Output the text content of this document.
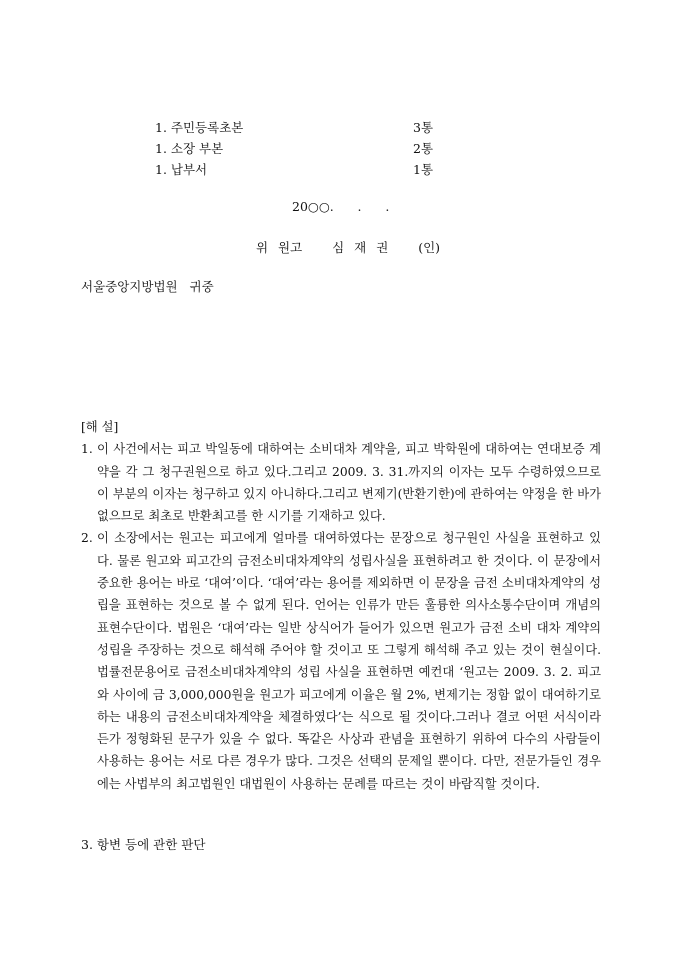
1. 주민등록초본	3통
1. 소장 부본	2통
1. 납부서	1통
20○○.      .      .
위 원고   심 재 권   (인)
서울중앙지방법원   귀중
[해 설]
1. 이 사건에서는 피고 박일동에 대하여는 소비대차 계약을, 피고 박학원에 대하여는 연대보증 계약을 각 그 청구권원으로 하고 있다.그리고 2009. 3. 31.까지의 이자는 모두 수령하였으므로 이 부분의 이자는 청구하고 있지 아니하다.그리고 변제기(반환기한)에 관하여는 약정을 한 바가 없으므로 최초로 반환최고를 한 시기를 기재하고 있다.
2. 이 소장에서는 원고는 피고에게 얼마를 대여하였다는 문장으로 청구원인 사실을 표현하고 있다. 물론 원고와 피고간의 금전소비대차계약의 성립사실을 표현하려고 한 것이다. 이 문장에서 중요한 용어는 바로 ‘대여’이다. ‘대여’라는 용어를 제외하면 이 문장을 금전 소비대차계약의 성립을 표현하는 것으로 볼 수 없게 된다. 언어는 인류가 만든 훌륭한 의사소통수단이며 개념의 표현수단이다. 법원은 ‘대여’라는 일반 상식어가 들어가 있으면 원고가 금전 소비 대차 계약의 성립을 주장하는 것으로 해석해 주어야 할 것이고 또 그렇게 해석해 주고 있는 것이 현실이다.법률전문용어로 금전소비대차계약의 성립 사실을 표현하면 예컨대 ‘원고는 2009. 3. 2. 피고와 사이에 금 3,000,000원을 원고가 피고에게 이율은 월 2%, 변제기는 정함 없이 대여하기로 하는 내용의 금전소비대차계약을 체결하였다’는 식으로 될 것이다.그러나 결코 어떤 서식이라든가 정형화된 문구가 있을 수 없다. 똑같은 사상과 관념을 표현하기 위하여 다수의 사람들이 사용하는 용어는 서로 다른 경우가 많다. 그것은 선택의 문제일 뿐이다. 다만, 전문가들인 경우에는 사법부의 최고법원인 대법원이 사용하는 문례를 따르는 것이 바람직할 것이다.
3. 항변 등에 관한 판단
